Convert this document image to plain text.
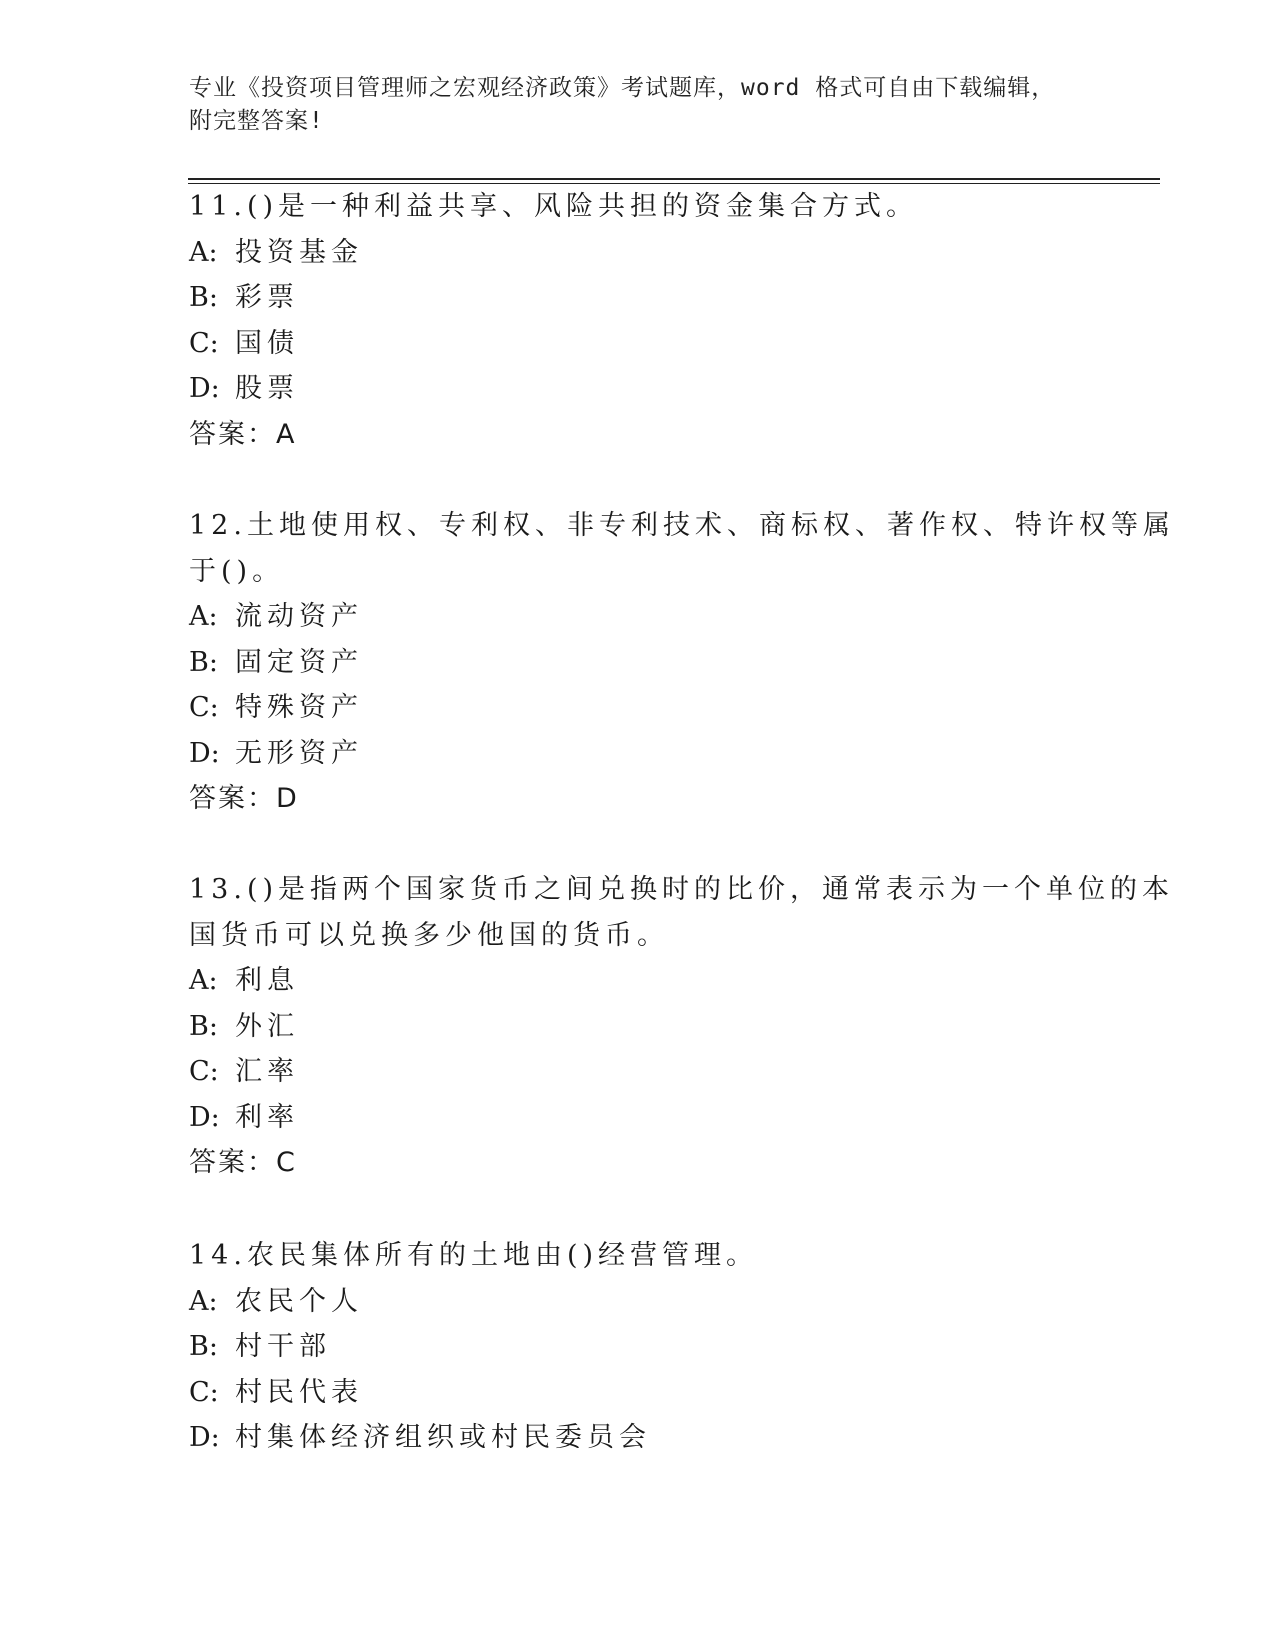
专业《投资项目管理师之宏观经济政策》考试题库，word 格式可自由下载编辑，
附完整答案!
11.()是一种利益共享、风险共担的资金集合方式。
A: 投资基金
B: 彩票
C: 国债
D: 股票
答案：A
12.土地使用权、专利权、非专利技术、商标权、著作权、特许权等属
于()。
A: 流动资产
B: 固定资产
C: 特殊资产
D: 无形资产
答案：D
13.()是指两个国家货币之间兑换时的比价，通常表示为一个单位的本
国货币可以兑换多少他国的货币。
A: 利息
B: 外汇
C: 汇率
D: 利率
答案：C
14.农民集体所有的土地由()经营管理。
A: 农民个人
B: 村干部
C: 村民代表
D: 村集体经济组织或村民委员会
